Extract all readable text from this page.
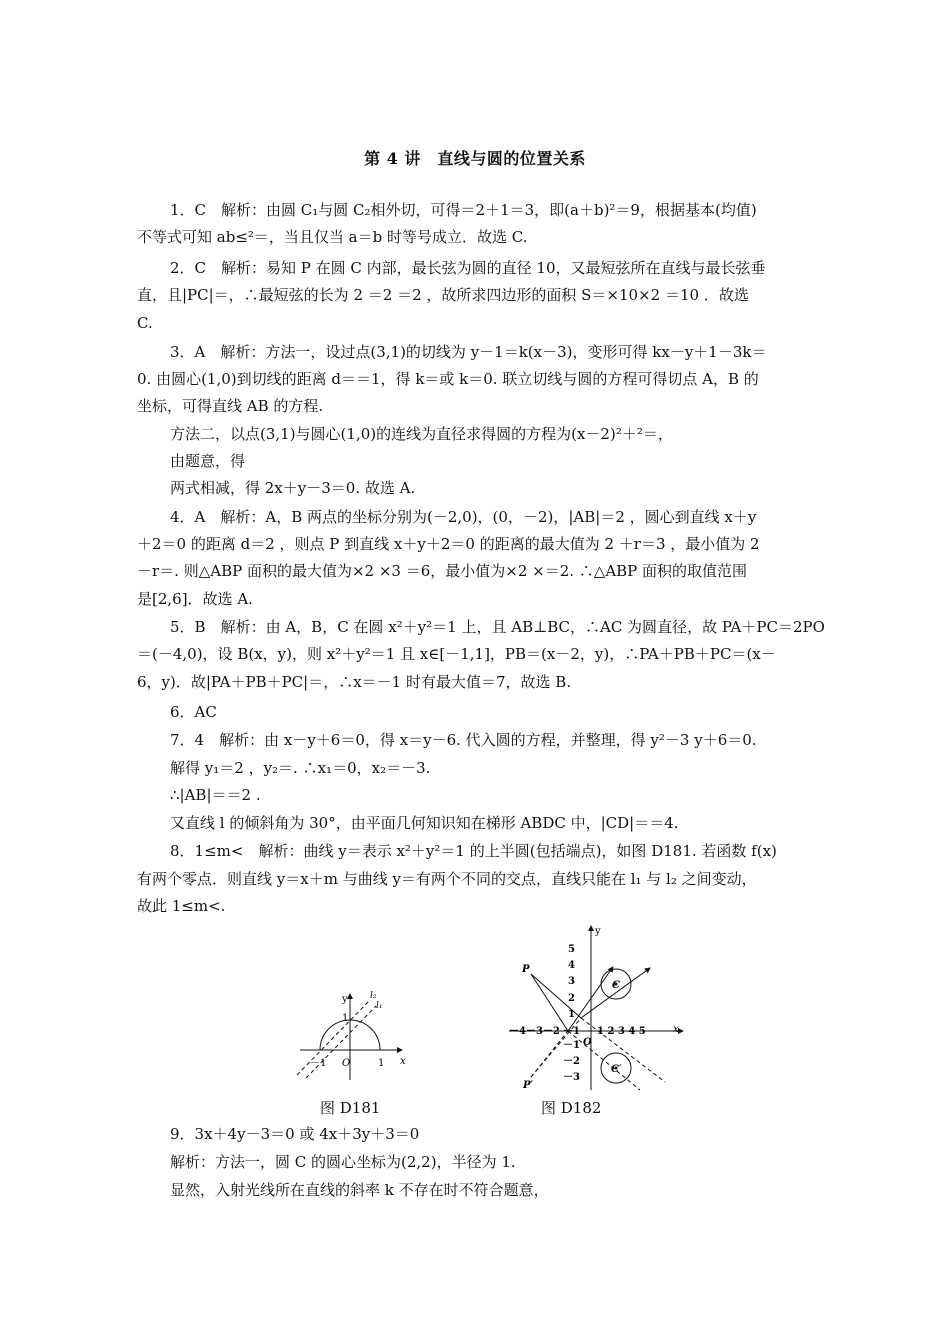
第 4 讲　直线与圆的位置关系
1．C　解析：由圆 C₁与圆 C₂相外切，可得＝2＋1＝3，即(a＋b)²＝9，根据基本(均值)
不等式可知 ab≤²＝，当且仅当 a＝b 时等号成立．故选 C.
2．C　解析：易知 P 在圆 C 内部，最长弦为圆的直径 10，又最短弦所在直线与最长弦垂
直，且|PC|＝，∴最短弦的长为 2 ＝2 ＝2 ，故所求四边形的面积 S＝×10×2 ＝10 ．故选
C.
3．A　解析：方法一，设过点(3,1)的切线为 y－1＝k(x－3)，变形可得 kx－y＋1－3k＝
0. 由圆心(1,0)到切线的距离 d＝＝1，得 k＝或 k＝0. 联立切线与圆的方程可得切点 A，B 的
坐标，可得直线 AB 的方程.
方法二，以点(3,1)与圆心(1,0)的连线为直径求得圆的方程为(x－2)²＋²＝，
由题意，得
两式相减，得 2x＋y－3＝0. 故选 A.
4．A　解析：A，B 两点的坐标分别为(－2,0)，(0，－2)，|AB|＝2 ，圆心到直线 x＋y
＋2＝0 的距离 d＝2 ，则点 P 到直线 x＋y＋2＝0 的距离的最大值为 2 ＋r＝3 ，最小值为 2
－r＝. 则△ABP 面积的最大值为×2 ×3 ＝6，最小值为×2 ×＝2. ∴△ABP 面积的取值范围
是[2,6]．故选 A.
5．B　解析：由 A，B，C 在圆 x²＋y²＝1 上，且 AB⊥BC，∴AC 为圆直径，故 PA＋PC＝2PO
＝(－4,0)，设 B(x，y)，则 x²＋y²＝1 且 x∈[－1,1]，PB＝(x－2，y)，∴PA＋PB＋PC＝(x－
6，y)．故|PA＋PB＋PC|＝，∴x＝－1 时有最大值＝7，故选 B.
6．AC
7．4　解析：由 x－y＋6＝0，得 x＝y－6. 代入圆的方程，并整理，得 y²－3 y＋6＝0.
解得 y₁＝2 ，y₂＝. ∴x₁＝0，x₂＝－3.
∴|AB|＝＝2 .
又直线 l 的倾斜角为 30°，由平面几何知识知在梯形 ABDC 中，|CD|＝＝4.
8．1≤m<　解析：曲线 y＝表示 x²＋y²＝1 的上半圆(包括端点)，如图 D181. 若函数 f(x)
有两个零点．则直线 y＝x＋m 与曲线 y＝有两个不同的交点，直线只能在 l₁ 与 l₂ 之间变动，
故此 1≤m<.
y
x
O
－1	1
1
l₂
l₁
图 D181
y
x
O
P
P′
C
C′
5
4
3
2
1
－1
－2
－3
－4－3－2 －1 1 2 3 4 5
图 D182
9．3x＋4y－3＝0 或 4x＋3y＋3＝0
解析：方法一，圆 C 的圆心坐标为(2,2)，半径为 1.
显然，入射光线所在直线的斜率 k 不存在时不符合题意，
